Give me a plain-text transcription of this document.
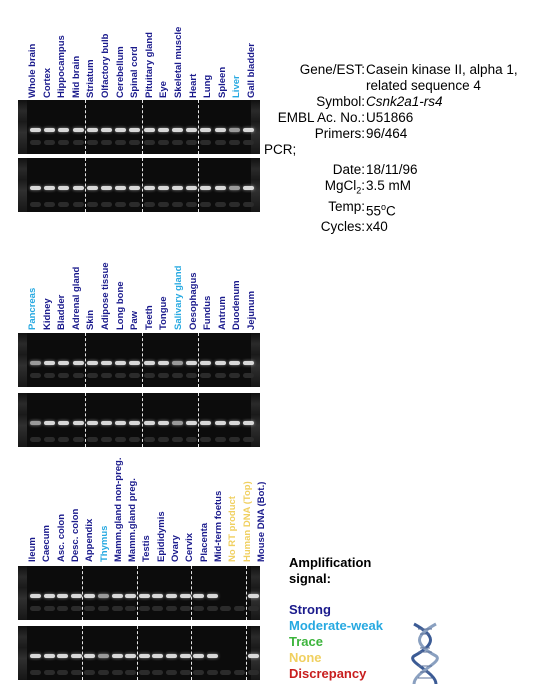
Whole brain Cortex Hippocampus Mid brain Striatum Olfactory bulb Cerebellum Spinal cord Pituitary gland Eye Skeletal muscle Heart Lung Spleen Liver Gall bladder
Pancreas Kidney Bladder Adrenal gland Skin Adipose tissue Long bone Paw Teeth Tongue Salivary gland Oesophagus Fundus Antrum Duodenum Jejunum
Ileum Caecum Asc. colon Desc. colon Appendix Thymus Mamm.gland non-preg. Mamm.gland preg. Testis Epididymis Ovary Cervix Placenta Mid-term foetus No RT product Human DNA (Top) Mouse DNA (Bot.)
Gene/EST: Casein kinase II, alpha 1,
related sequence 4
Symbol: Csnk2a1-rs4
EMBL Ac. No.: U51866
Primers: 96/464
PCR;
Date: 18/11/96
MgCl$_2$: 3.5 mM
Temp: 55$^o$C
Cycles: x40
Amplification
signal:
Strong
Moderate-weak
Trace
None
Discrepancy
